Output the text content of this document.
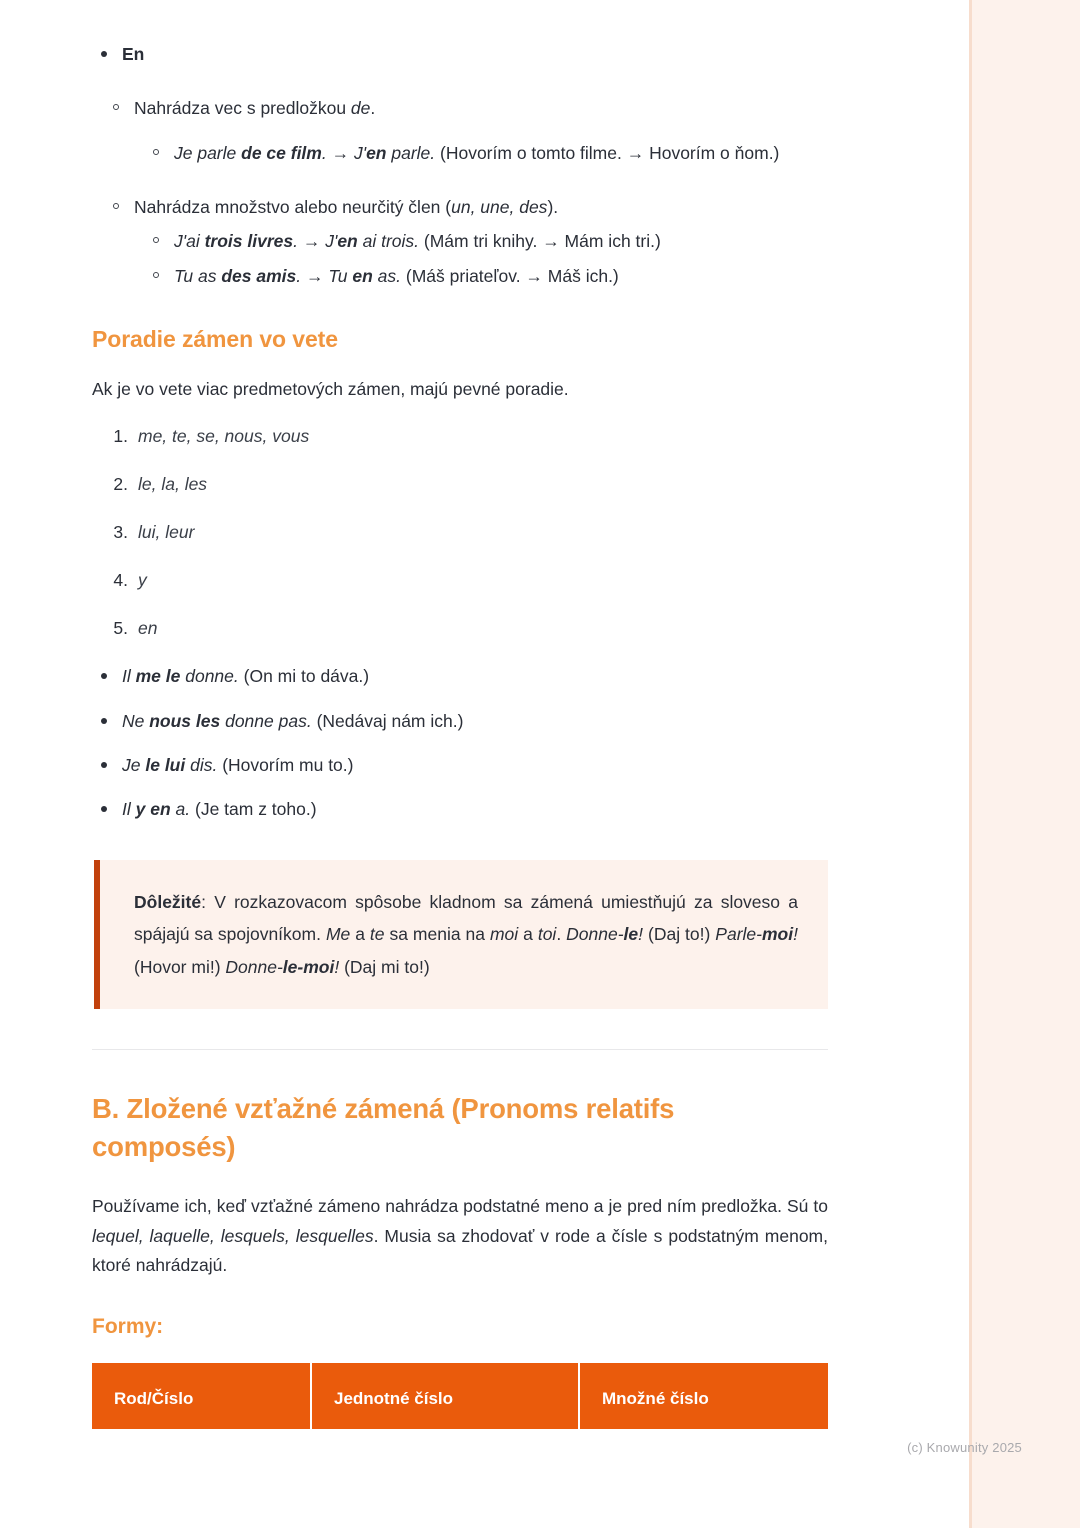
(c) Knowunity 2025
En
Nahrádza vec s predložkou de.
Je parle de ce film. → J'en parle. (Hovorím o tomto filme. → Hovorím o ňom.)
Nahrádza množstvo alebo neurčitý člen (un, une, des).
J'ai trois livres. → J'en ai trois. (Mám tri knihy. → Mám ich tri.)
Tu as des amis. → Tu en as. (Máš priateľov. → Máš ich.)
Poradie zámen vo vete

Ak je vo vete viac predmetových zámen, majú pevné poradie.

1. me, te, se, nous, vous
2. le, la, les
3. lui, leur
4. y
5. en
Il me le donne. (On mi to dáva.)
Ne nous les donne pas. (Nedávaj nám ich.)
Je le lui dis. (Hovorím mu to.)
Il y en a. (Je tam z toho.)

Dôležité: V rozkazovacom spôsobe kladnom sa zámená umiestňujú za sloveso a spájajú sa spojovníkom. Me a te sa menia na moi a toi. Donne-le! (Daj to!) Parle-moi! (Hovor mi!) Donne-le-moi! (Daj mi to!)

B. Zložené vzťažné zámená (Pronoms relatifs composés)

Používame ich, keď vzťažné zámeno nahrádza podstatné meno a je pred ním predložka. Sú to lequel, laquelle, lesquels, lesquelles. Musia sa zhodovať v rode a čísle s podstatným menom, ktoré nahrádzajú.

Formy:
Rod/Číslo	Jednotné číslo	Množné číslo
